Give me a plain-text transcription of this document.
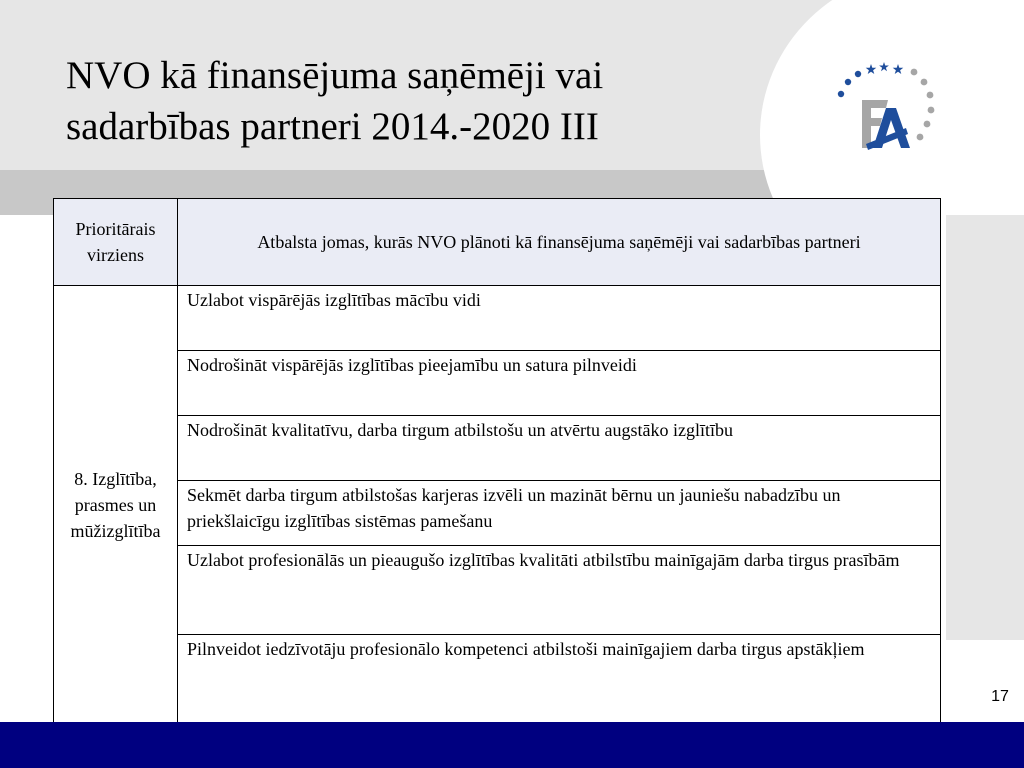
NVO kā finansējuma saņēmēji vai sadarbības partneri 2014.-2020 III
Prioritārais virziens	Atbalsta jomas, kurās NVO plānoti kā finansējuma saņēmēji vai sadarbības partneri
8. Izglītība, prasmes un mūžizglītība	Uzlabot vispārējās izglītības mācību vidi
	Nodrošināt vispārējās izglītības pieejamību un satura pilnveidi
	Nodrošināt kvalitatīvu, darba tirgum atbilstošu un atvērtu augstāko izglītību
	Sekmēt darba tirgum atbilstošas karjeras izvēli un mazināt bērnu un jauniešu nabadzību un priekšlaicīgu izglītības sistēmas pamešanu
	Uzlabot profesionālās un pieaugušo izglītības kvalitāti atbilstību mainīgajām darba tirgus prasībām
	Pilnveidot iedzīvotāju profesionālo kompetenci atbilstoši mainīgajiem darba tirgus apstākļiem
17
